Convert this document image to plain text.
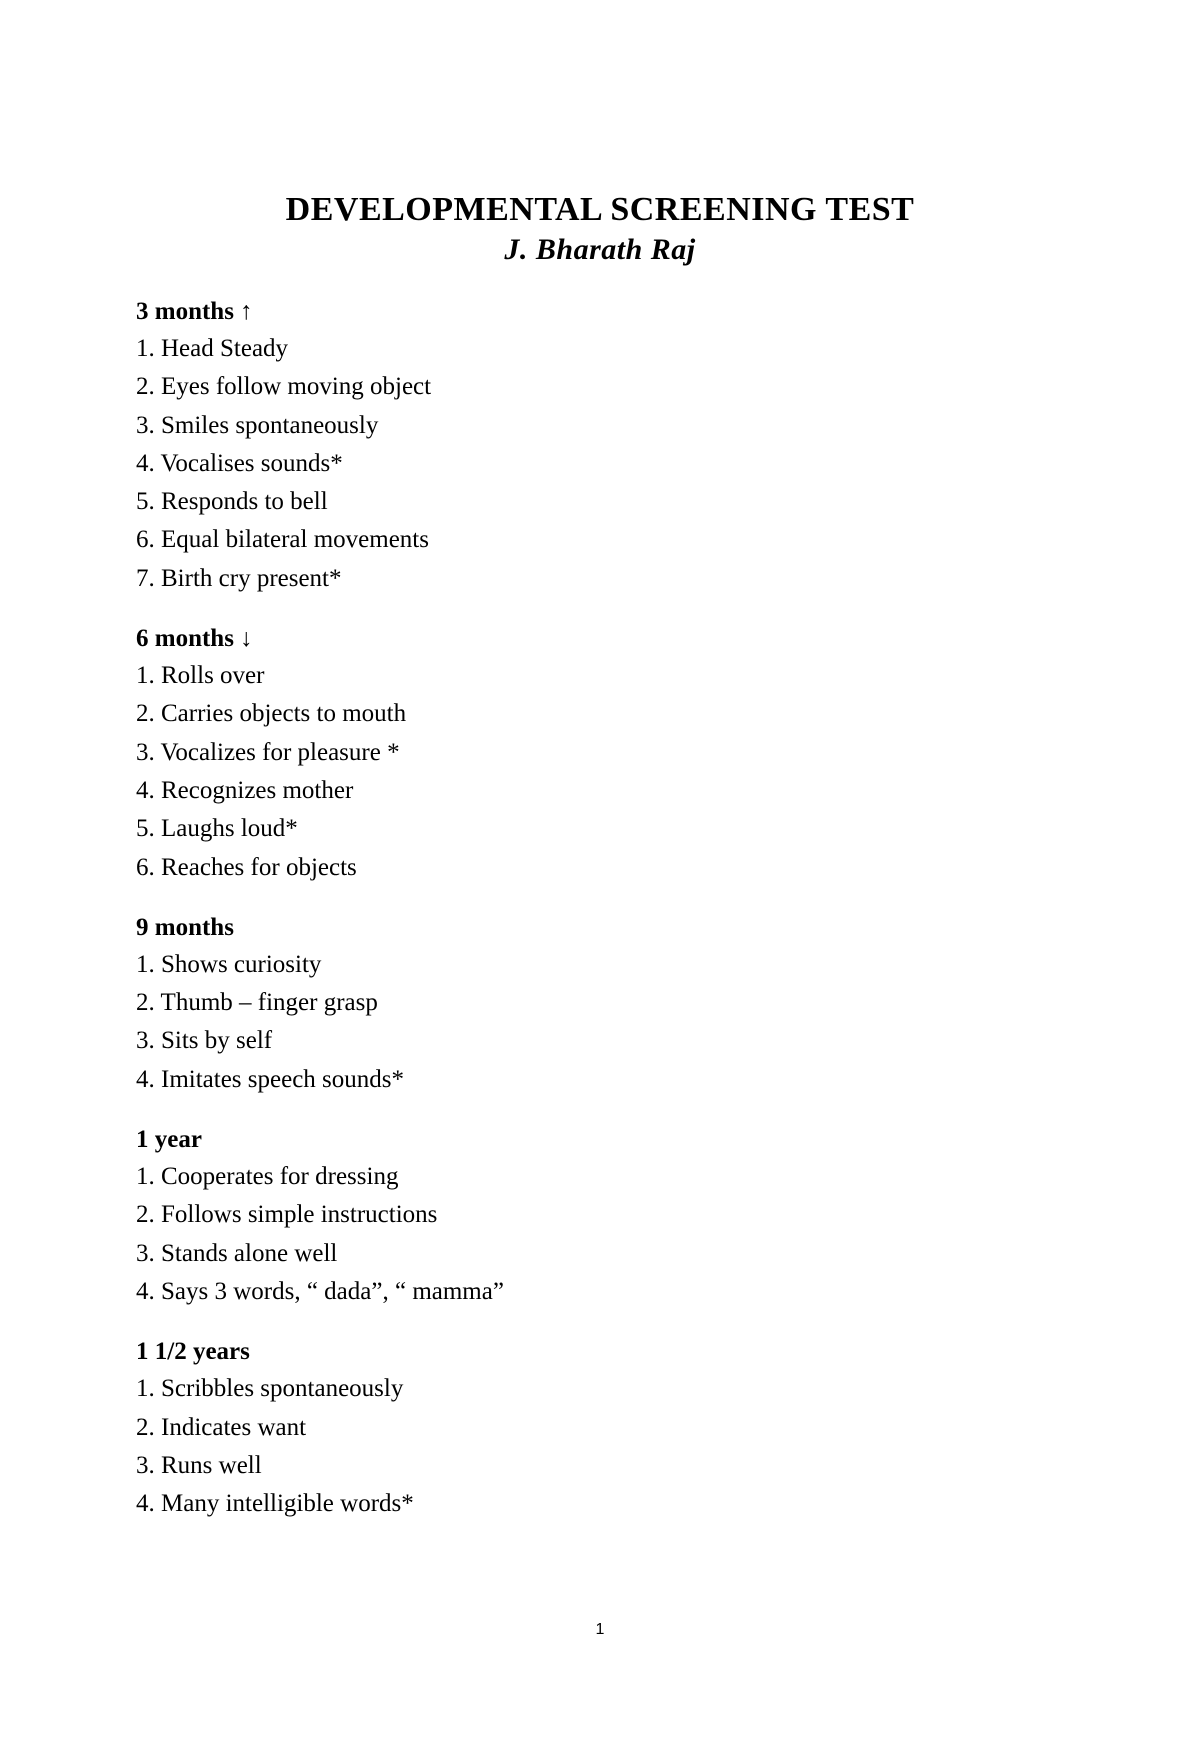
DEVELOPMENTAL SCREENING TEST
J. Bharath Raj
3 months ↑
1. Head Steady
2. Eyes follow moving object
3. Smiles spontaneously
4. Vocalises sounds*
5. Responds to bell
6. Equal bilateral movements
7. Birth cry present*
6 months ↓
1. Rolls over
2. Carries objects to mouth
3. Vocalizes for pleasure *
4. Recognizes mother
5. Laughs loud*
6. Reaches for objects
9 months
1. Shows curiosity
2. Thumb – finger grasp
3. Sits by self
4. Imitates speech sounds*
1 year
1. Cooperates for dressing
2. Follows simple instructions
3. Stands alone well
4. Says 3 words, “ dada”, “ mamma”
1 1/2 years
1. Scribbles spontaneously
2. Indicates want
3. Runs well
4. Many intelligible words*
1
